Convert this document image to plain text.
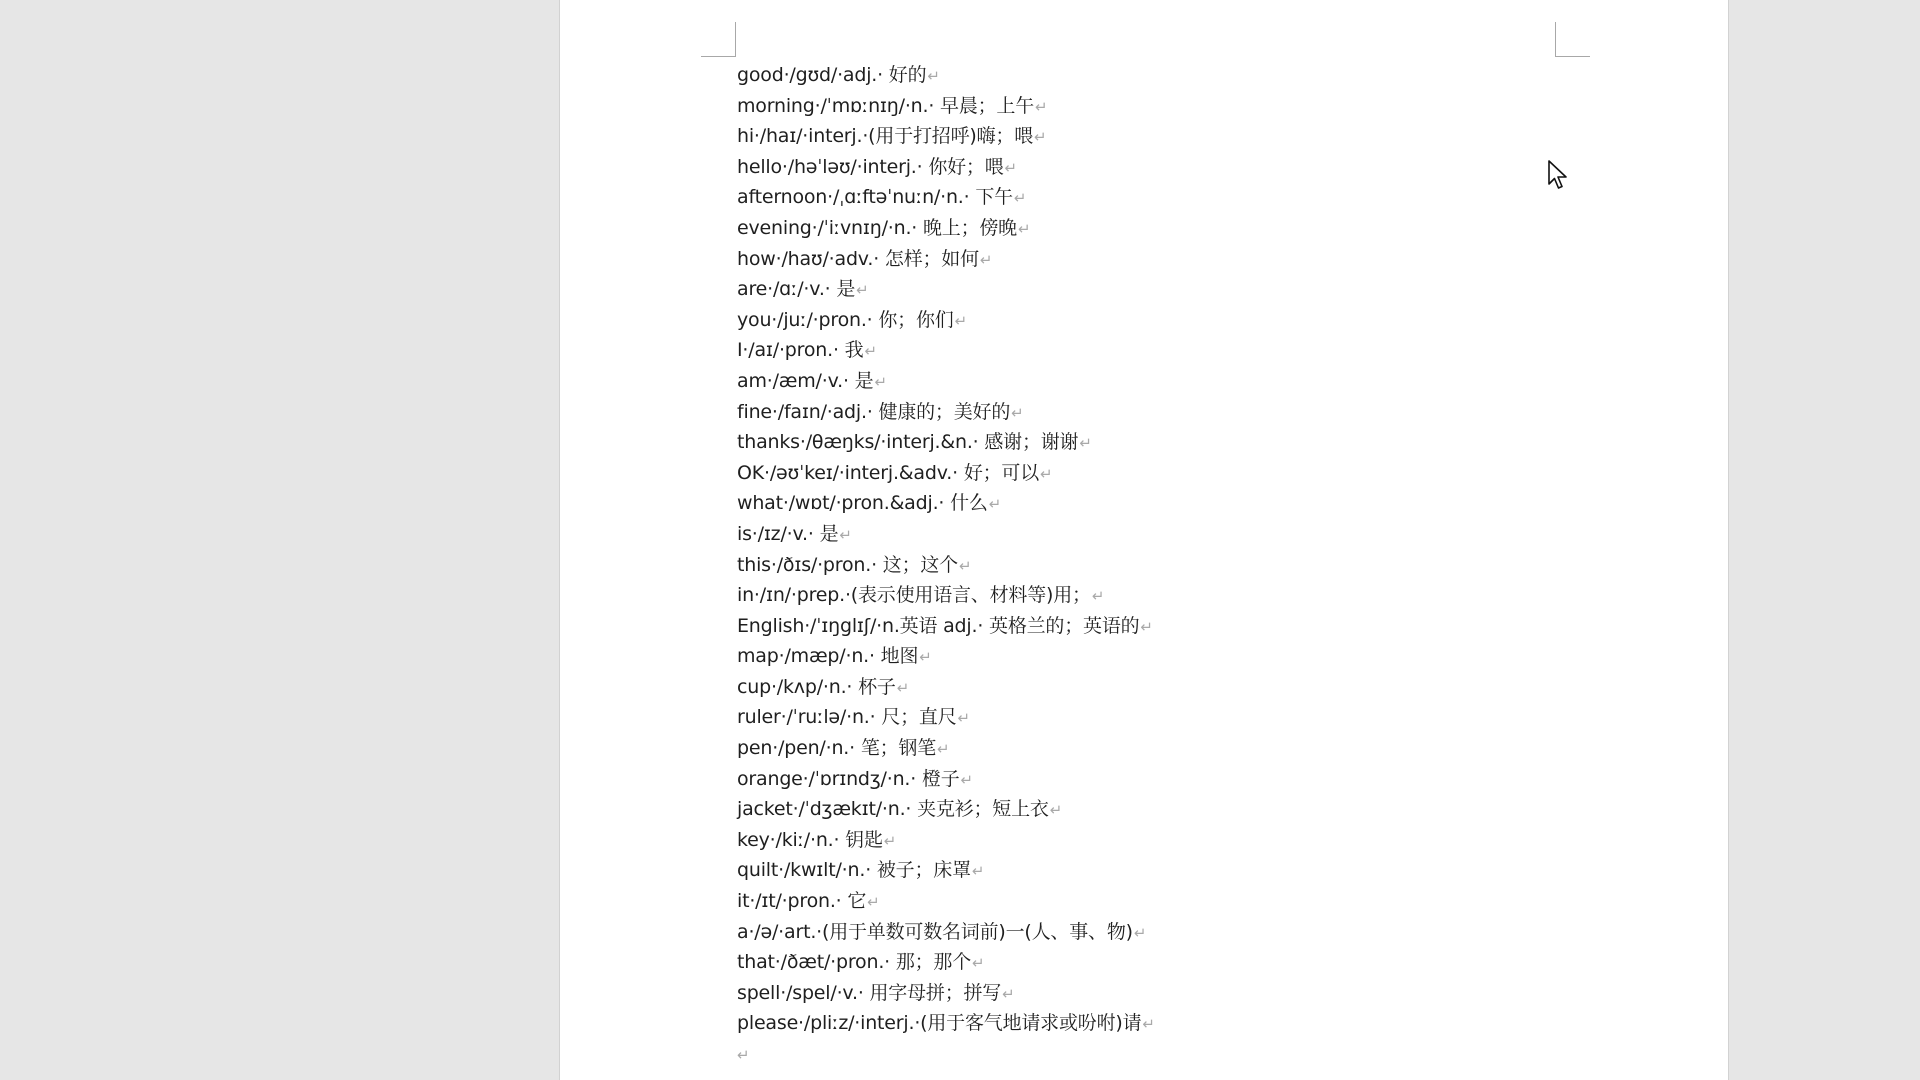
good·/gʊd/·adj.· 好的↵
morning·/ˈmɒːnɪŋ/·n.· 早晨；上午↵
hi·/haɪ/·interj.·(用于打招呼)嗨；喂↵
hello·/həˈləʊ/·interj.· 你好；喂↵
afternoon·/ˌɑːftəˈnuːn/·n.· 下午↵
evening·/ˈiːvnɪŋ/·n.· 晚上；傍晚↵
how·/haʊ/·adv.· 怎样；如何↵
are·/ɑː/·v.· 是↵
you·/juː/·pron.· 你；你们↵
I·/aɪ/·pron.· 我↵
am·/æm/·v.· 是↵
fine·/faɪn/·adj.· 健康的；美好的↵
thanks·/θæŋks/·interj.&n.· 感谢；谢谢↵
OK·/əʊˈkeɪ/·interj.&adv.· 好；可以↵
what·/wɒt/·pron.&adj.· 什么↵
is·/ɪz/·v.· 是↵
this·/ðɪs/·pron.· 这；这个↵
in·/ɪn/·prep.·(表示使用语言、材料等)用；↵
English·/ˈɪŋglɪʃ/·n.英语 adj.· 英格兰的；英语的↵
map·/mæp/·n.· 地图↵
cup·/kʌp/·n.· 杯子↵
ruler·/ˈruːlə/·n.· 尺；直尺↵
pen·/pen/·n.· 笔；钢笔↵
orange·/ˈɒrɪndʒ/·n.· 橙子↵
jacket·/ˈdʒækɪt/·n.· 夹克衫；短上衣↵
key·/kiː/·n.· 钥匙↵
quilt·/kwɪlt/·n.· 被子；床罩↵
it·/ɪt/·pron.· 它↵
a·/ə/·art.·(用于单数可数名词前)一(人、事、物)↵
that·/ðæt/·pron.· 那；那个↵
spell·/spel/·v.· 用字母拼；拼写↵
please·/pliːz/·interj.·(用于客气地请求或吩咐)请↵
↵
